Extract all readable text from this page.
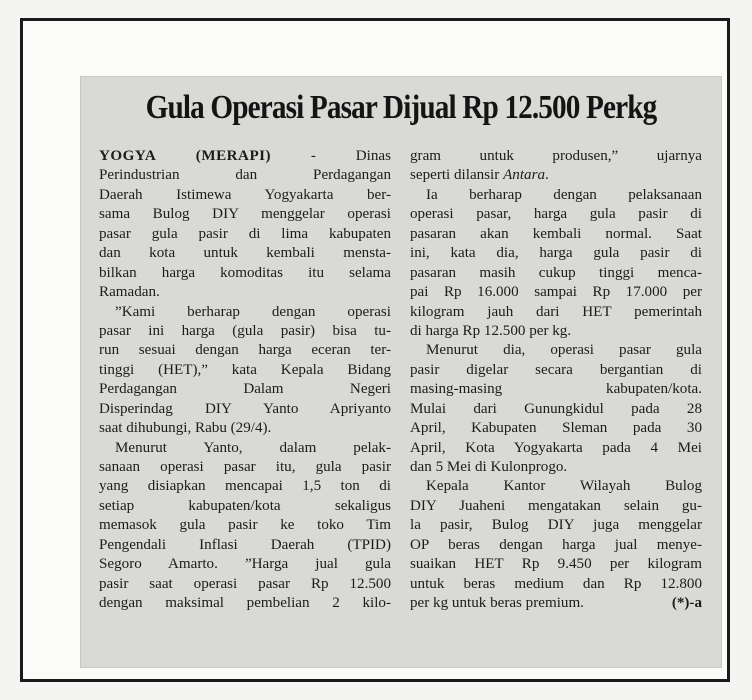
Gula Operasi Pasar Dijual Rp 12.500 Perkg
YOGYA (MERAPI) - Dinas
Perindustrian dan Perdagangan
Daerah Istimewa Yogyakarta ber-
sama Bulog DIY menggelar operasi
pasar gula pasir di lima kabupaten
dan kota untuk kembali mensta-
bilkan harga komoditas itu selama
Ramadan.
”Kami berharap dengan operasi
pasar ini harga (gula pasir) bisa tu-
run sesuai dengan harga eceran ter-
tinggi (HET),” kata Kepala Bidang
Perdagangan Dalam Negeri
Disperindag DIY Yanto Apriyanto
saat dihubungi, Rabu (29/4).
Menurut Yanto, dalam pelak-
sanaan operasi pasar itu, gula pasir
yang disiapkan mencapai 1,5 ton di
setiap kabupaten/kota sekaligus
memasok gula pasir ke toko Tim
Pengendali Inflasi Daerah (TPID)
Segoro Amarto. ”Harga jual gula
pasir saat operasi pasar Rp 12.500
dengan maksimal pembelian 2 kilo-
gram untuk produsen,” ujarnya
seperti dilansir Antara.
Ia berharap dengan pelaksanaan
operasi pasar, harga gula pasir di
pasaran akan kembali normal. Saat
ini, kata dia, harga gula pasir di
pasaran masih cukup tinggi menca-
pai Rp 16.000 sampai Rp 17.000 per
kilogram jauh dari HET pemerintah
di harga Rp 12.500 per kg.
Menurut dia, operasi pasar gula
pasir digelar secara bergantian di
masing-masing kabupaten/kota.
Mulai dari Gunungkidul pada 28
April, Kabupaten Sleman pada 30
April, Kota Yogyakarta pada 4 Mei
dan 5 Mei di Kulonprogo.
Kepala Kantor Wilayah Bulog
DIY Juaheni mengatakan selain gu-
la pasir, Bulog DIY juga menggelar
OP beras dengan harga jual menye-
suaikan HET Rp 9.450 per kilogram
untuk beras medium dan Rp 12.800
per kg untuk beras premium.	(*)-a
